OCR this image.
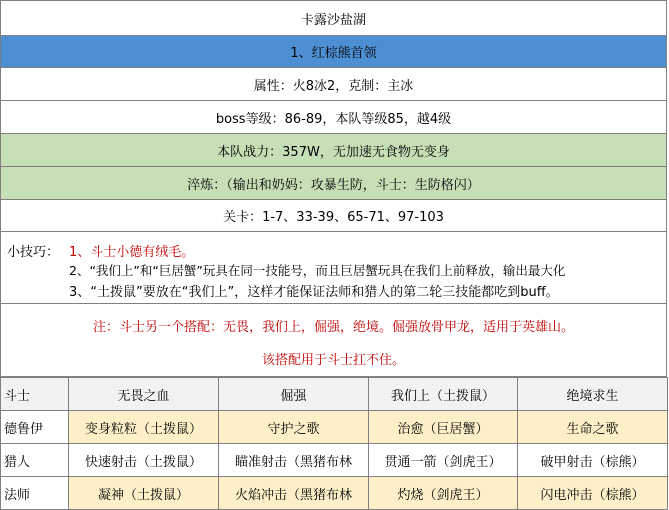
卡露沙盐湖
1、红棕熊首领
属性：火8冰2，克制：主冰
boss等级：86-89，本队等级85，越4级
本队战力：357W，无加速无食物无变身
淬炼：（输出和奶妈：攻暴生防，斗士：生防格闪）
关卡：1-7、33-39、65-71、97-103
小技巧： 1、斗士小德有绒毛。
2、“我们上”和“巨居蟹”玩具在同一技能号，而且巨居蟹玩具在我们上前释放，输出最大化
3、“土拨鼠”要放在“我们上”，这样才能保证法师和猎人的第二轮三技能都吃到buff。
注：斗士另一个搭配：无畏，我们上，倔强，绝境。倔强放骨甲龙，适用于英雄山。
该搭配用于斗士扛不住。
斗士	无畏之血	倔强	我们上（土拨鼠）	绝境求生
德鲁伊	变身粒粒（土拨鼠）	守护之歌	治愈（巨居蟹）	生命之歌
猎人	快速射击（土拨鼠）	瞄准射击（黑猪布林	贯通一箭（剑虎王）	破甲射击（棕熊）
法师	凝神（土拨鼠）	火焰冲击（黑猪布林	灼烧（剑虎王）	闪电冲击（棕熊）
